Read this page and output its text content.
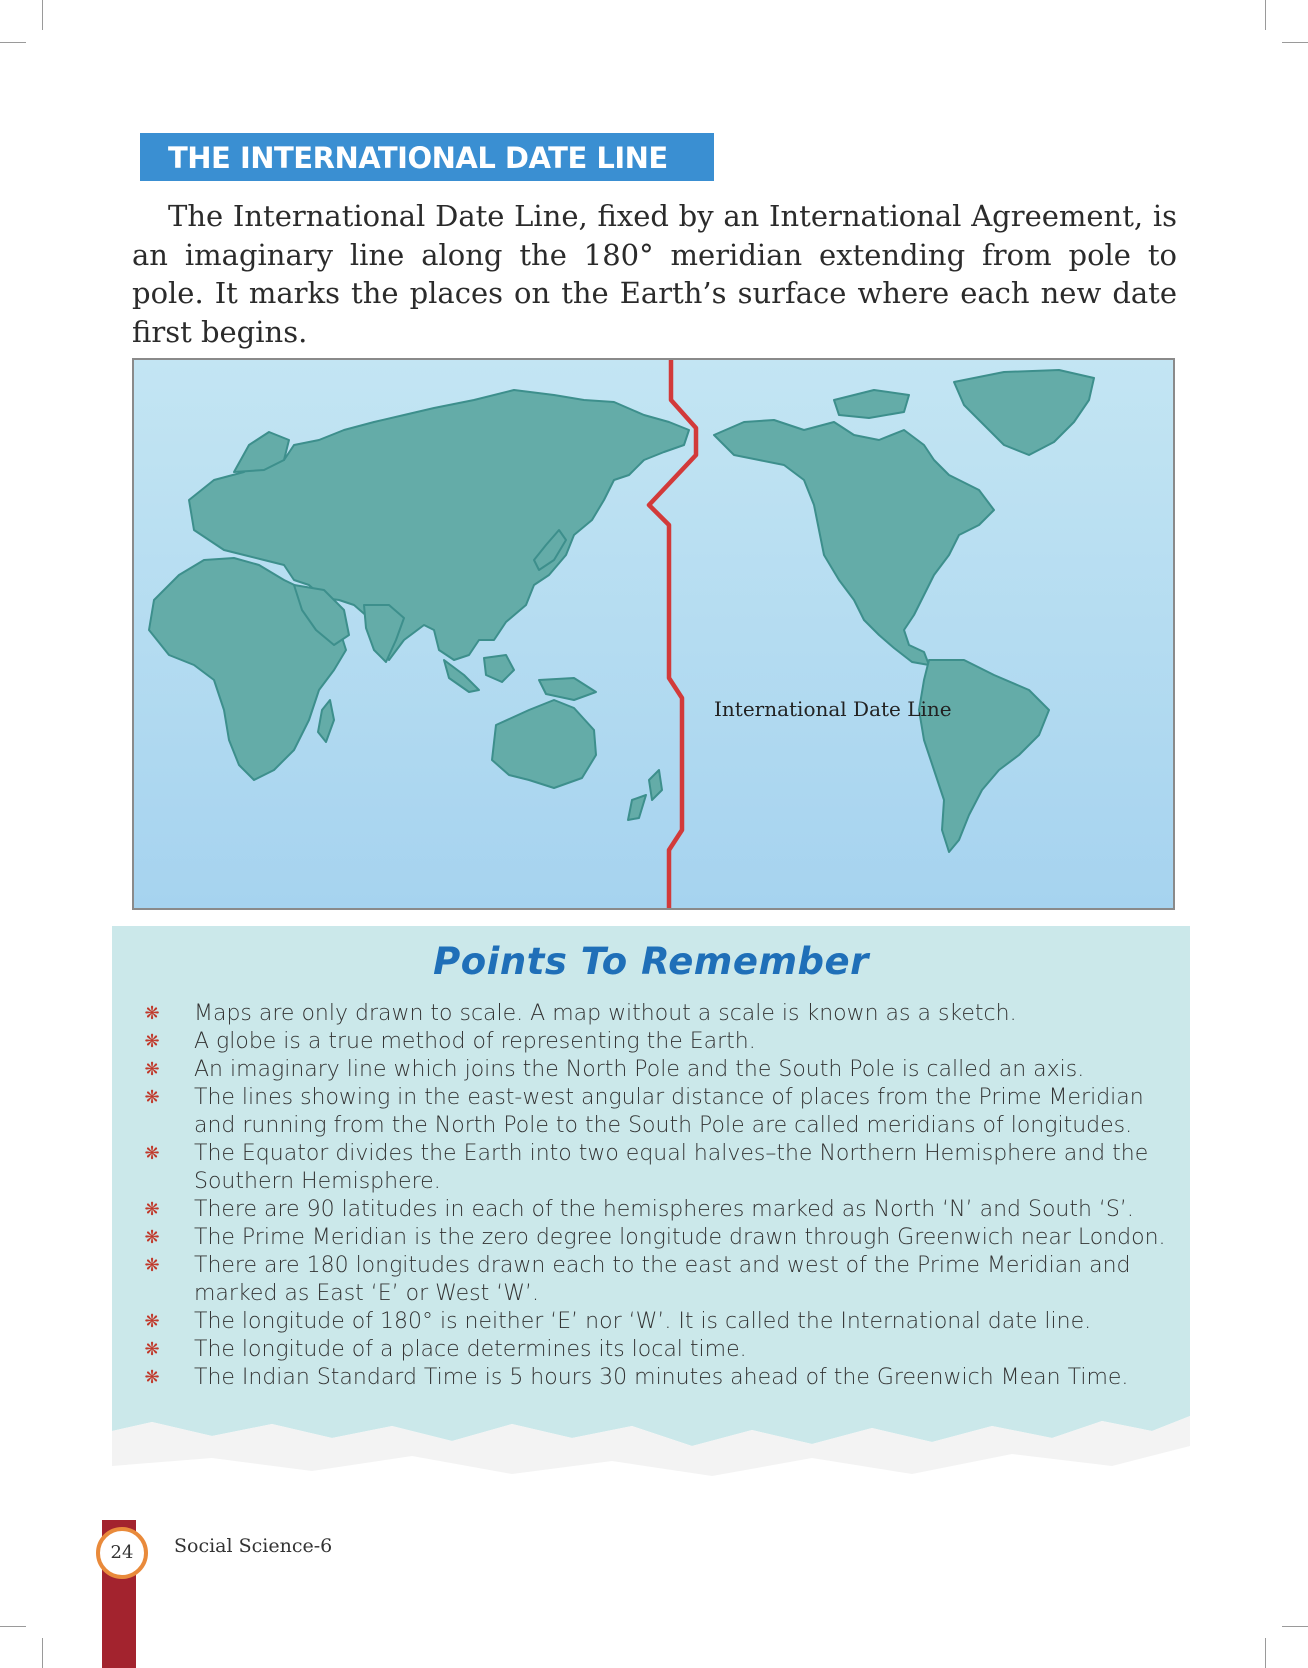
THE INTERNATIONAL DATE LINE

The International Date Line, fixed by an International Agreement, is an imaginary line along the 180° meridian extending from pole to pole. It marks the places on the Earth’s surface where each new date first begins.

International Date Line
Points To Remember
❋ Maps are only drawn to scale. A map without a scale is known as a sketch.
❋ A globe is a true method of representing the Earth.
❋ An imaginary line which joins the North Pole and the South Pole is called an axis.
❋ The lines showing in the east-west angular distance of places from the Prime Meridian and running from the North Pole to the South Pole are called meridians of longitudes.
❋ The Equator divides the Earth into two equal halves–the Northern Hemisphere and the Southern Hemisphere.
❋ There are 90 latitudes in each of the hemispheres marked as North ‘N’ and South ‘S’.
❋ The Prime Meridian is the zero degree longitude drawn through Greenwich near London.
❋ There are 180 longitudes drawn each to the east and west of the Prime Meridian and marked as East ‘E’ or West ‘W’.
❋ The longitude of 180° is neither ‘E’ nor ‘W’. It is called the International date line.
❋ The longitude of a place determines its local time.
❋ The Indian Standard Time is 5 hours 30 minutes ahead of the Greenwich Mean Time.
24	Social Science-6
